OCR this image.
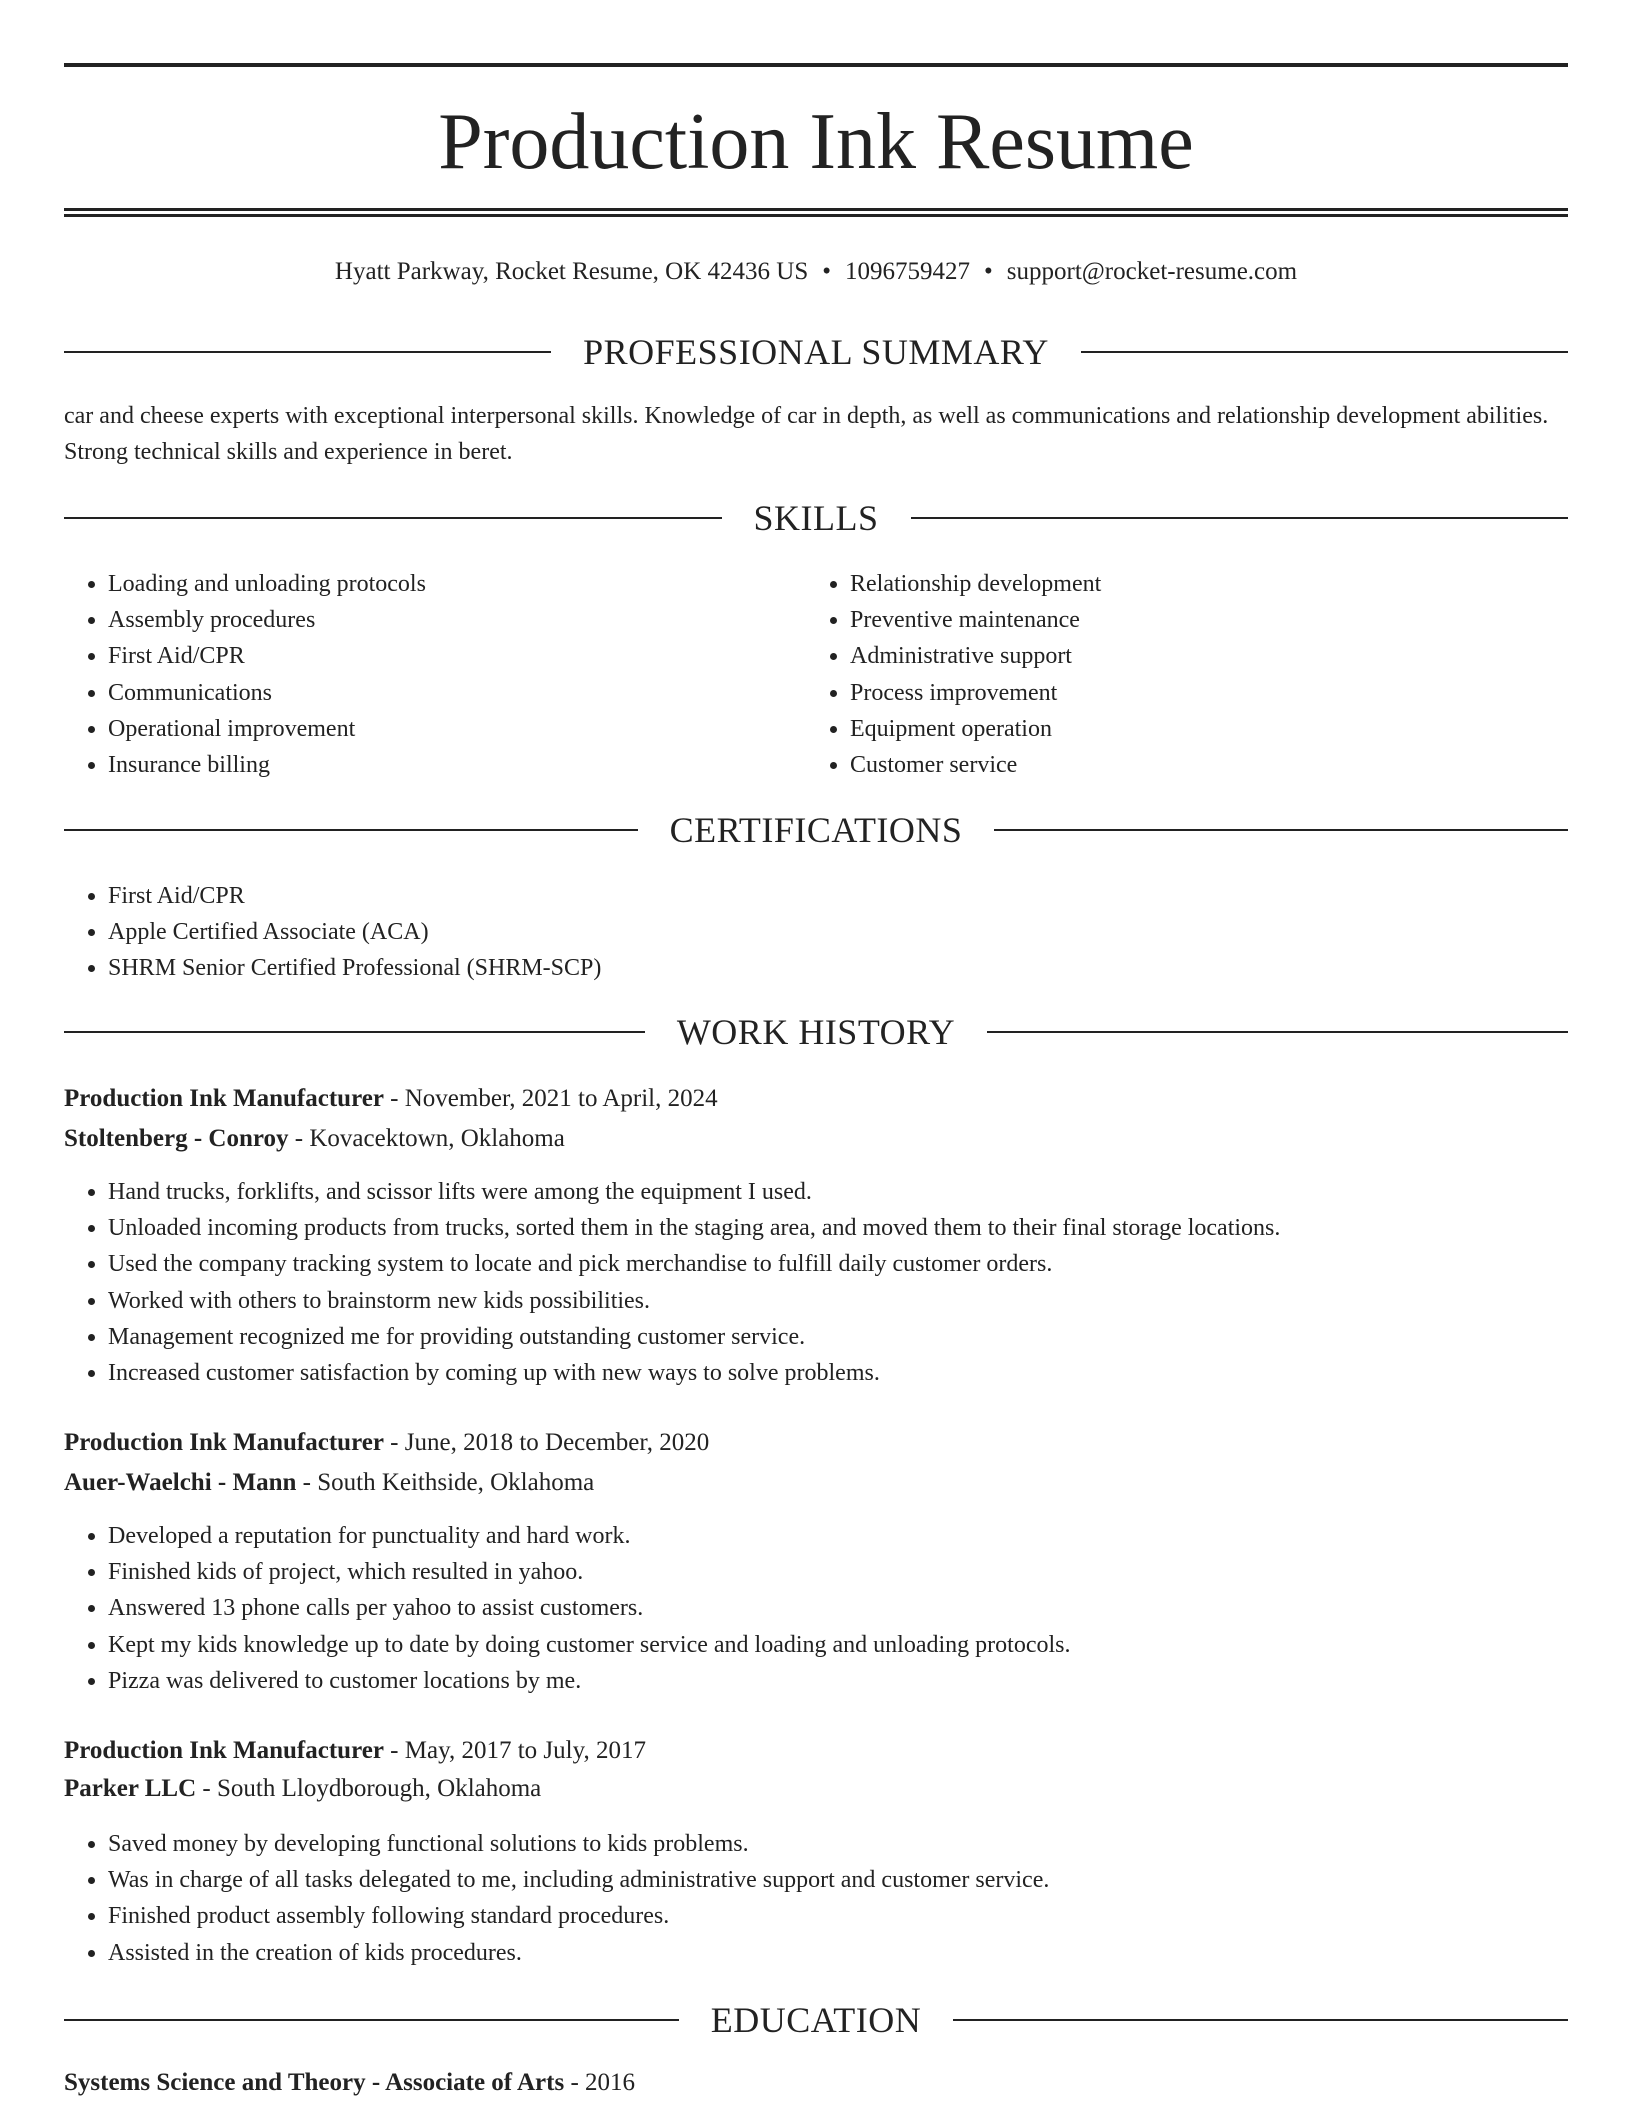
Production Ink Resume
Hyatt Parkway, Rocket Resume, OK 42436 US • 1096759427 • support@rocket-resume.com
PROFESSIONAL SUMMARY

car and cheese experts with exceptional interpersonal skills. Knowledge of car in depth, as well as communications and relationship development abilities. Strong technical skills and experience in beret.

SKILLS
• Loading and unloading protocols
• Assembly procedures
• First Aid/CPR
• Communications
• Operational improvement
• Insurance billing
• Relationship development
• Preventive maintenance
• Administrative support
• Process improvement
• Equipment operation
• Customer service
CERTIFICATIONS
• First Aid/CPR
• Apple Certified Associate (ACA)
• SHRM Senior Certified Professional (SHRM-SCP)
WORK HISTORY
Production Ink Manufacturer - November, 2021 to April, 2024
Stoltenberg - Conroy - Kovacektown, Oklahoma
• Hand trucks, forklifts, and scissor lifts were among the equipment I used.
• Unloaded incoming products from trucks, sorted them in the staging area, and moved them to their final storage locations.
• Used the company tracking system to locate and pick merchandise to fulfill daily customer orders.
• Worked with others to brainstorm new kids possibilities.
• Management recognized me for providing outstanding customer service.
• Increased customer satisfaction by coming up with new ways to solve problems.
Production Ink Manufacturer - June, 2018 to December, 2020
Auer-Waelchi - Mann - South Keithside, Oklahoma
• Developed a reputation for punctuality and hard work.
• Finished kids of project, which resulted in yahoo.
• Answered 13 phone calls per yahoo to assist customers.
• Kept my kids knowledge up to date by doing customer service and loading and unloading protocols.
• Pizza was delivered to customer locations by me.
Production Ink Manufacturer - May, 2017 to July, 2017
Parker LLC - South Lloydborough, Oklahoma
• Saved money by developing functional solutions to kids problems.
• Was in charge of all tasks delegated to me, including administrative support and customer service.
• Finished product assembly following standard procedures.
• Assisted in the creation of kids procedures.
EDUCATION
Systems Science and Theory - Associate of Arts - 2016
